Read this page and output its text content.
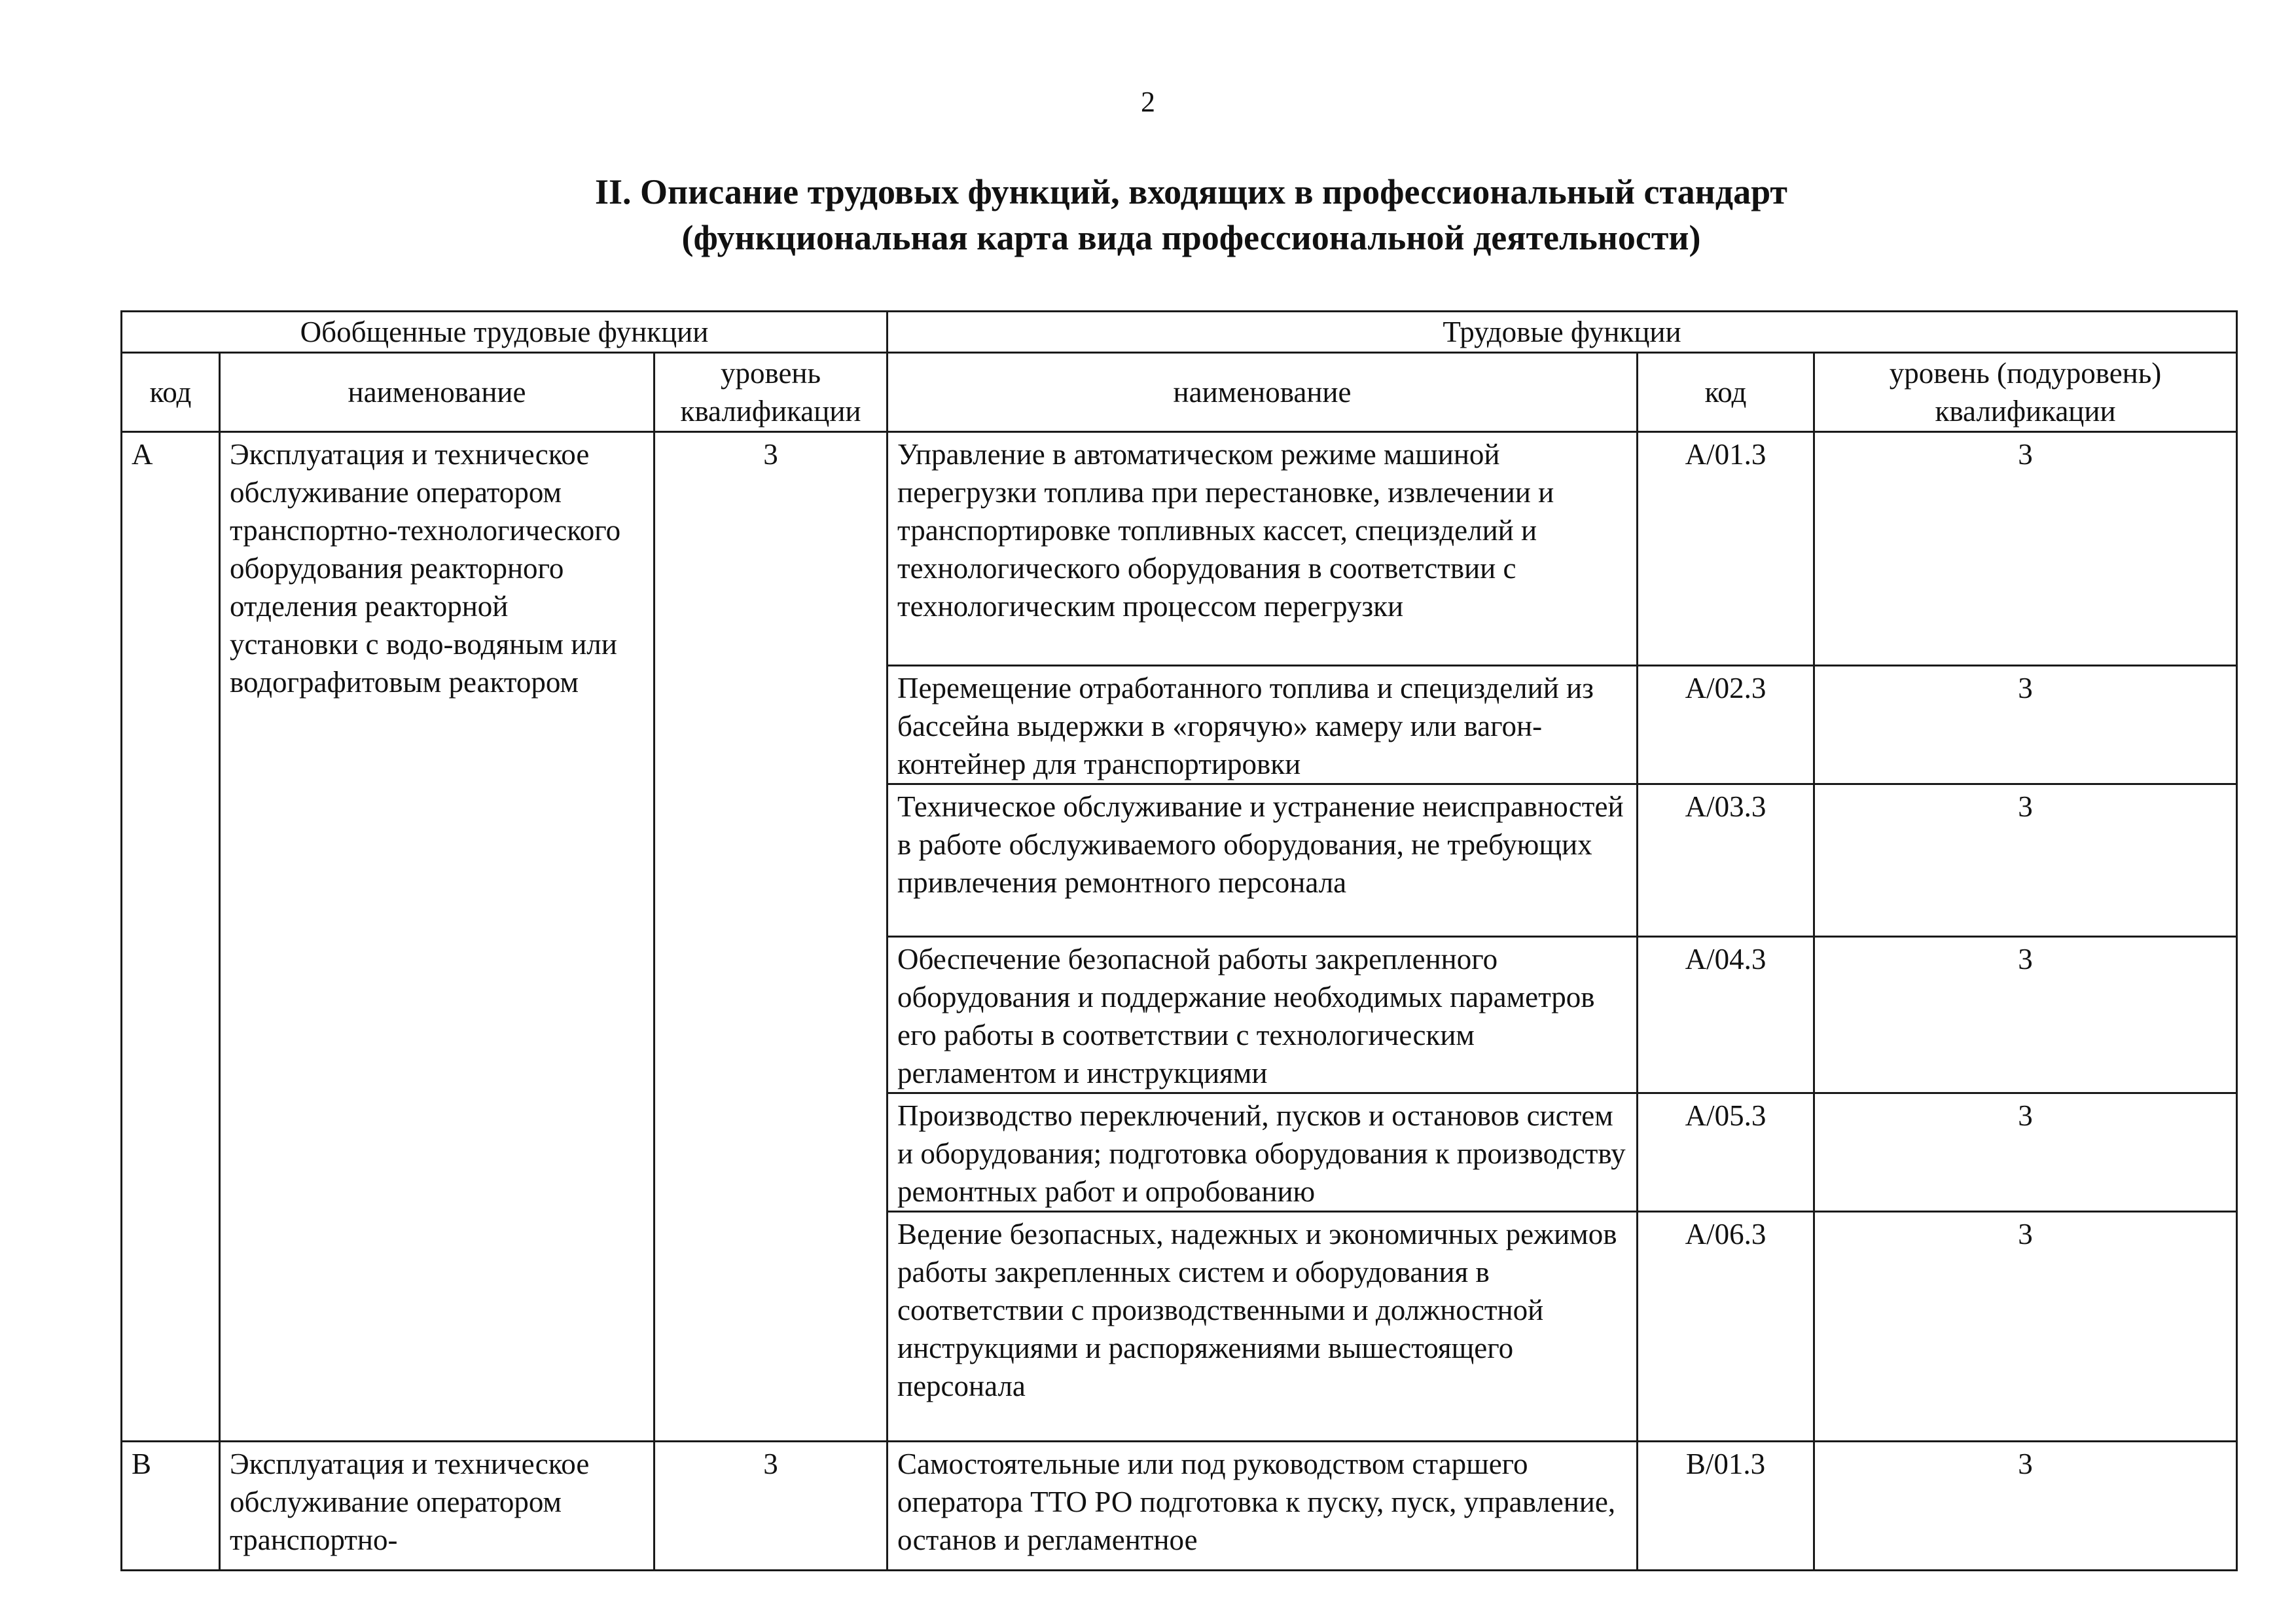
2
II. Описание трудовых функций, входящих в профессиональный стандарт
(функциональная карта вида профессиональной деятельности)
Обобщенные трудовые функции			Трудовые функции		
код	наименование	уровень квалификации	наименование	код	уровень (подуровень) квалификации
A	Эксплуатация и техническое обслуживание оператором транспортно-технологического оборудования реакторного отделения реакторной установки с водо-водяным или водографитовым реактором	3	Управление в автоматическом режиме машиной перегрузки топлива при перестановке, извлечении и транспортировке топливных кассет, специзделий и технологического оборудования в соответствии с технологическим процессом перегрузки	A/01.3	3
			Перемещение отработанного топлива и специзделий из бассейна выдержки в «горячую» камеру или вагон-контейнер для транспортировки	A/02.3	3
			Техническое обслуживание и устранение неисправностей в работе обслуживаемого оборудования, не требующих привлечения ремонтного персонала	A/03.3	3
			Обеспечение безопасной работы закрепленного оборудования и поддержание необходимых параметров его работы в соответствии с технологическим регламентом и инструкциями	A/04.3	3
			Производство переключений, пусков и остановов систем и оборудования; подготовка оборудования к производству ремонтных работ и опробованию	A/05.3	3
			Ведение безопасных, надежных и экономичных режимов работы закрепленных систем и оборудования в соответствии с производственными и должностной инструкциями и распоряжениями вышестоящего персонала	A/06.3	3
B	Эксплуатация и техническое обслуживание оператором транспортно-	3	Самостоятельные или под руководством старшего оператора ТТО РО подготовка к пуску, пуск, управление, останов и регламентное	B/01.3	3
